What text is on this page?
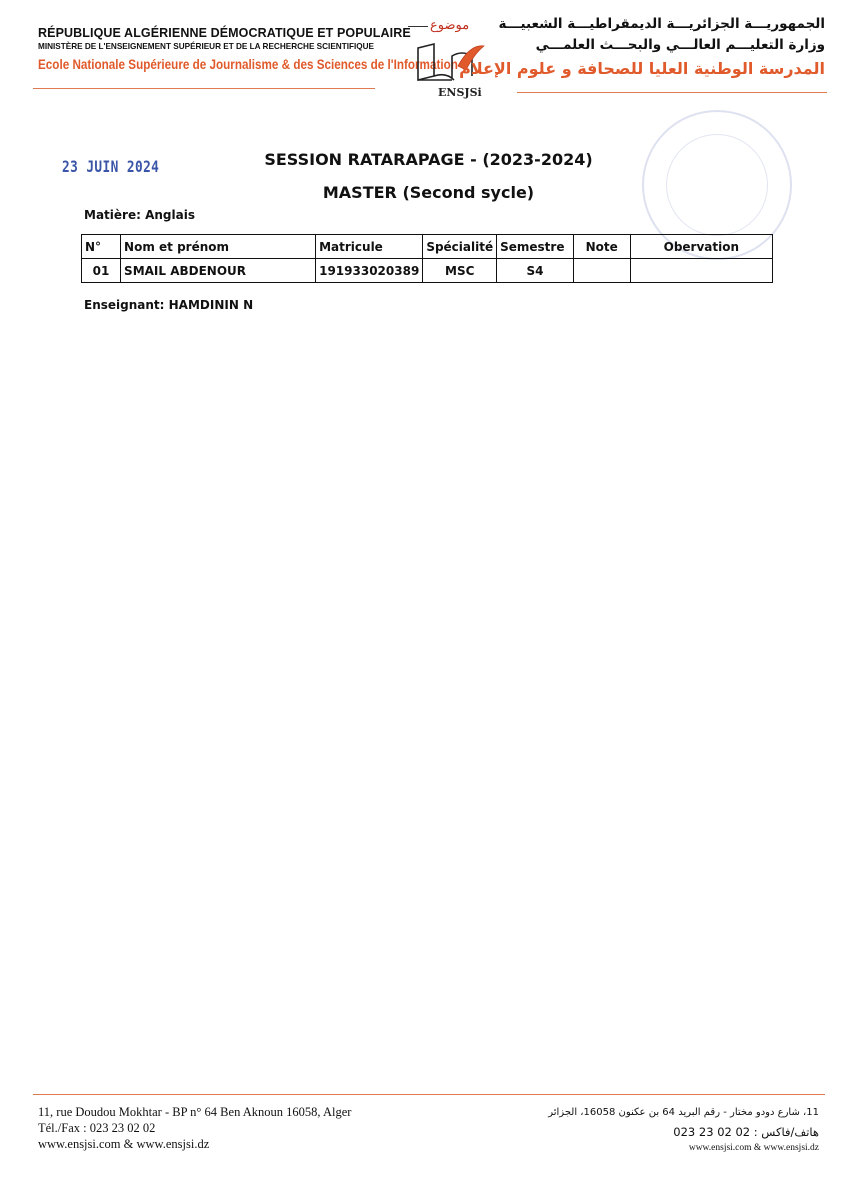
RÉPUBLIQUE ALGÉRIENNE DÉMOCRATIQUE ET POPULAIRE
MINISTÈRE DE L'ENSEIGNEMENT SUPÉRIEUR ET DE LA RECHERCHE SCIENTIFIQUE
Ecole Nationale Supérieure de Journalisme & des Sciences de l'Information
موضوع
ENSJSi
الجمهوريـــة الجزائريـــة الديمقراطيـــة الشعبيـــة
وزارة التعليـــم العالـــي والبحـــث العلمـــي
المدرسة الوطنية العليا للصحافة و علوم الإعلام
23 JUIN 2024	SESSION RATARAPAGE - (2023-2024)
MASTER (Second sycle)
Matière: Anglais
N°	Nom et prénom	Matricule	Spécialité	Semestre	Note	Obervation
01	SMAIL ABDENOUR	191933020389	MSC	S4		
Enseignant: HAMDININ N
11, rue Doudou Mokhtar - BP n° 64 Ben Aknoun 16058, Alger
Tél./Fax : 023 23 02 02
www.ensjsi.com & www.ensjsi.dz
11، شارع دودو مختار - رقم البريد 64 بن عكنون 16058، الجزائر
هاتف/فاكس : 02 02 23 023
www.ensjsi.com & www.ensjsi.dz
